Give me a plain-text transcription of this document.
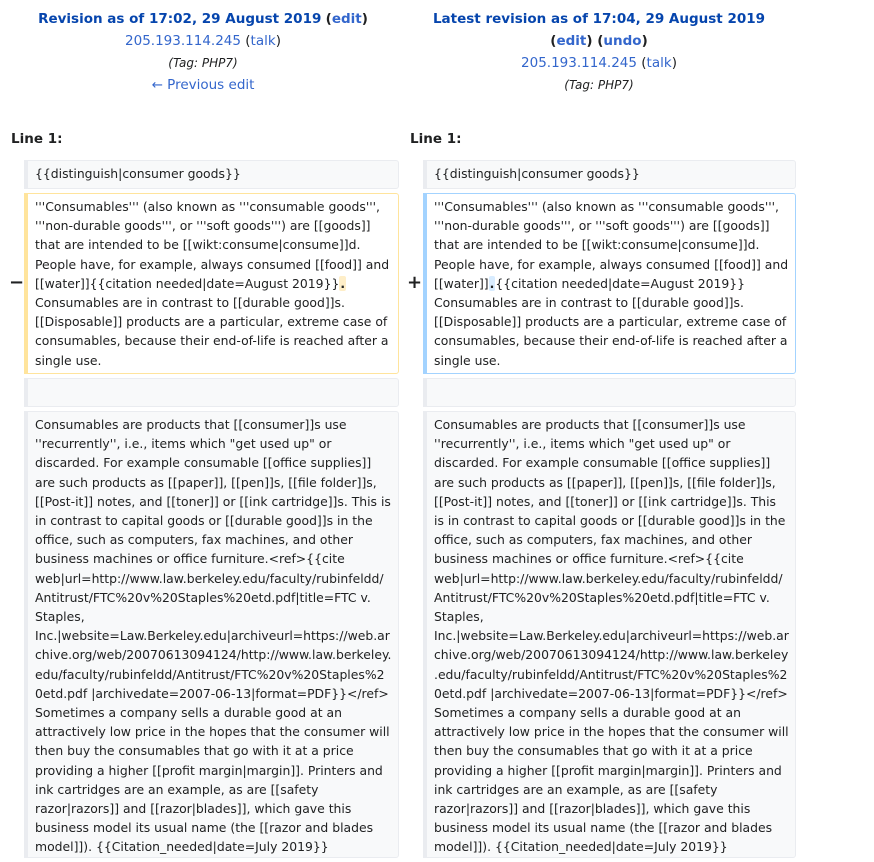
Revision as of 17:02, 29 August 2019 (edit)
205.193.114.245 (talk)
(Tag: PHP7)
← Previous edit
Latest revision as of 17:04, 29 August 2019
(edit) (undo)
205.193.114.245 (talk)
(Tag: PHP7)
Line 1:	Line 1:
{{distinguish|consumer goods}}	{{distinguish|consumer goods}}
−
'''Consumables''' (also known as '''consumable goods''', '''non-durable goods''', or '''soft goods''') are [[goods]] that are intended to be [[wikt:consume|consume]]d. People have, for example, always consumed [[food]] and [[water]]{{citation needed|date=August 2019}}. Consumables are in contrast to [[durable good]]s. [[Disposable]] products are a particular, extreme case of consumables, because their end-of-life is reached after a single use.
+
'''Consumables''' (also known as '''consumable goods''', '''non-durable goods''', or '''soft goods''') are [[goods]] that are intended to be [[wikt:consume|consume]]d. People have, for example, always consumed [[food]] and [[water]].{{citation needed|date=August 2019}} Consumables are in contrast to [[durable good]]s. [[Disposable]] products are a particular, extreme case of consumables, because their end-of-life is reached after a single use.
Consumables are products that [[consumer]]s use ''recurrently'', i.e., items which "get used up" or discarded. For example consumable [[office supplies]] are such products as [[paper]], [[pen]]s, [[file folder]]s, [[Post-it]] notes, and [[toner]] or [[ink cartridge]]s. This is in contrast to capital goods or [[durable good]]s in the office, such as computers, fax machines, and other business machines or office furniture.<ref>{{cite web|url=http://www.law.berkeley.edu/faculty/rubinfeldd/Antitrust/FTC%20v%20Staples%20etd.pdf|title=FTC v. Staples, Inc.|website=Law.Berkeley.edu|archiveurl=https://web.archive.org/web/20070613094124/http://www.law.berkeley.edu/faculty/rubinfeldd/Antitrust/FTC%20v%20Staples%20etd.pdf |archivedate=2007-06-13|format=PDF}}</ref> Sometimes a company sells a durable good at an attractively low price in the hopes that the consumer will then buy the consumables that go with it at a price providing a higher [[profit margin|margin]]. Printers and ink cartridges are an example, as are [[safety razor|razors]] and [[razor|blades]], which gave this business model its usual name (the [[razor and blades model]]). {{Citation_needed|date=July 2019}}
Consumables are products that [[consumer]]s use ''recurrently'', i.e., items which "get used up" or discarded. For example consumable [[office supplies]] are such products as [[paper]], [[pen]]s, [[file folder]]s, [[Post-it]] notes, and [[toner]] or [[ink cartridge]]s. This is in contrast to capital goods or [[durable good]]s in the office, such as computers, fax machines, and other business machines or office furniture.<ref>{{cite web|url=http://www.law.berkeley.edu/faculty/rubinfeldd/Antitrust/FTC%20v%20Staples%20etd.pdf|title=FTC v. Staples, Inc.|website=Law.Berkeley.edu|archiveurl=https://web.archive.org/web/20070613094124/http://www.law.berkeley.edu/faculty/rubinfeldd/Antitrust/FTC%20v%20Staples%20etd.pdf |archivedate=2007-06-13|format=PDF}}</ref> Sometimes a company sells a durable good at an attractively low price in the hopes that the consumer will then buy the consumables that go with it at a price providing a higher [[profit margin|margin]]. Printers and ink cartridges are an example, as are [[safety razor|razors]] and [[razor|blades]], which gave this business model its usual name (the [[razor and blades model]]). {{Citation_needed|date=July 2019}}
